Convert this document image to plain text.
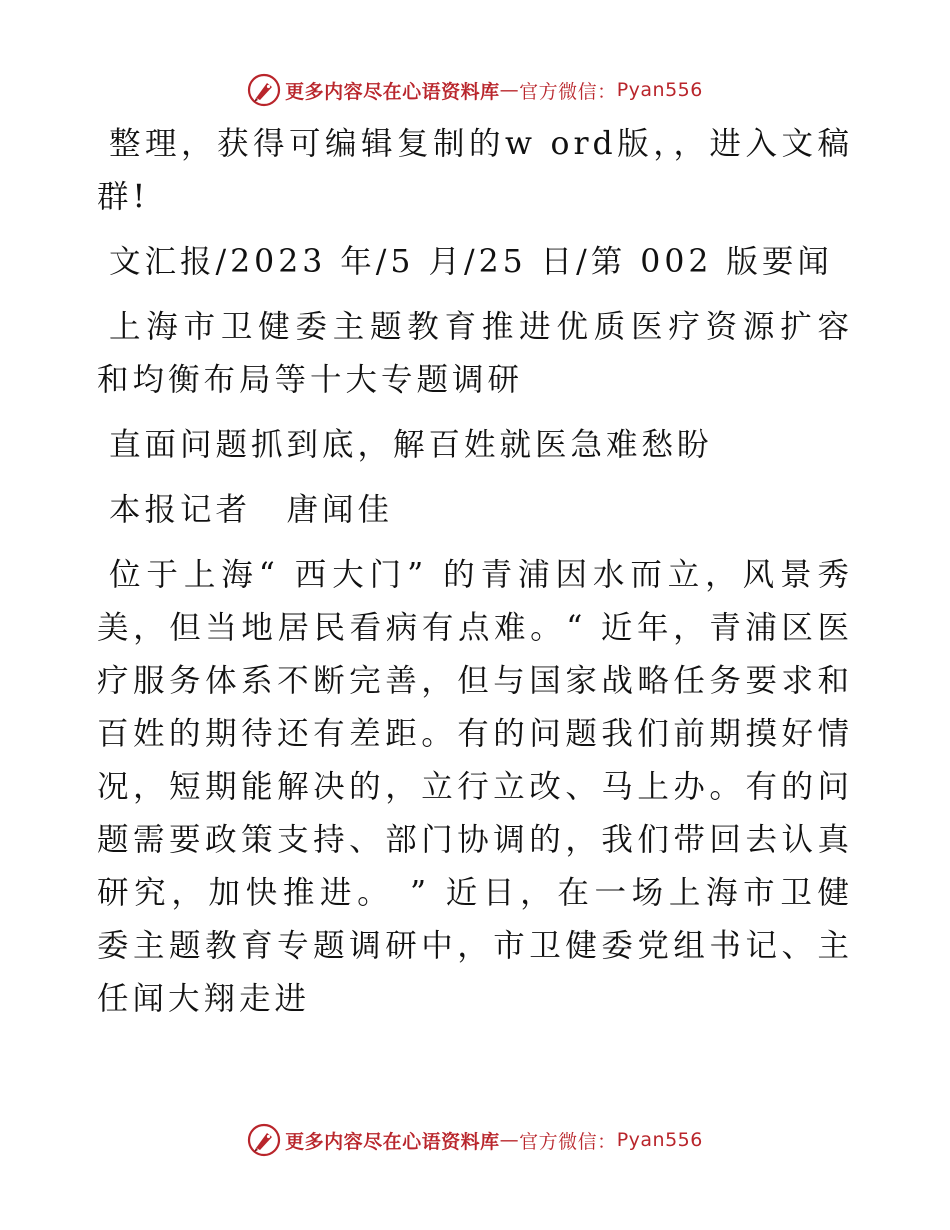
更多内容尽在心语资料库 — 官方微信： Pyan556

整理，获得可编辑复制的w ord版，，进入文稿群!

文汇报/2023 年/5 月/25 日/第 002 版要闻

上海市卫健委主题教育推进优质医疗资源扩容和均衡布局等十大专题调研

直面问题抓到底，解百姓就医急难愁盼

本报记者　唐闻佳

位于上海“ 西大门” 的青浦因水而立，风景秀美，但当地居民看病有点难。“ 近年，青浦区医疗服务体系不断完善，但与国家战略任务要求和百姓的期待还有差距。有的问题我们前期摸好情况，短期能解决的，立行立改、马上办。有的问题需要政策支持、部门协调的，我们带回去认真研究，加快推进。 ” 近日，在一场上海市卫健委主题教育专题调研中，市卫健委党组书记、主任闻大翔走进

更多内容尽在心语资料库 — 官方微信： Pyan556
